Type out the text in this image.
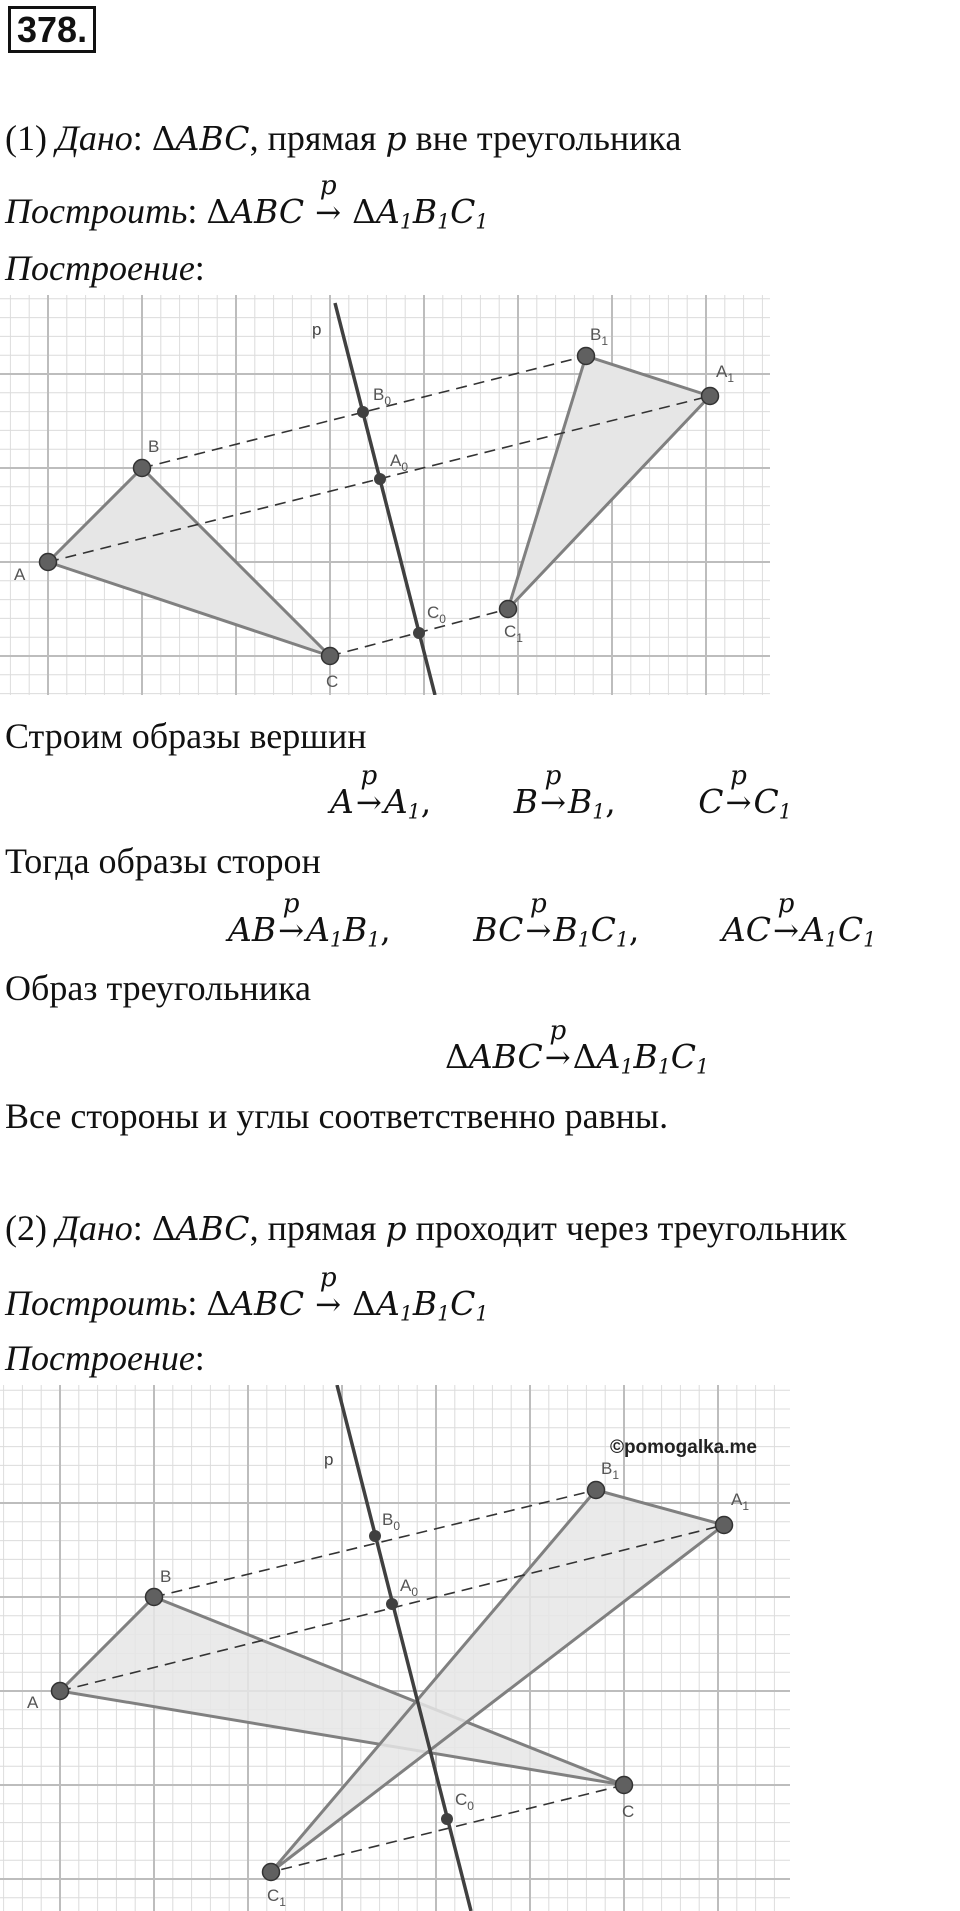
378.
(1) Дано: ΔABC, прямая p вне треугольника
Построить: ΔABC →
p
$\Delta A_1B_1C_1$
Построение:
p
A
B
C
$A_1$
$B_1$
$C_1$
$B_0$
$A_0$
$C_0$
Строим образы вершин
A→
p
$A_1$,	B→
p
$B_1$,	C→
p
$C_1$
Тогда образы сторон
AB→
p
$A_1B_1$,	BC→
p
$B_1C_1$,	AC→
p
$A_1C_1$
Образ треугольника
ΔABC→
p
$\Delta A_1B_1C_1$
Все стороны и углы соответственно равны.
(2) Дано: ΔABC, прямая p проходит через треугольник
Построить: ΔABC →
p
$\Delta A_1B_1C_1$
Построение:
p
©pomogalka.me
A
B
C
$A_1$
$B_1$
$C_1$
$B_0$
$A_0$
$C_0$
